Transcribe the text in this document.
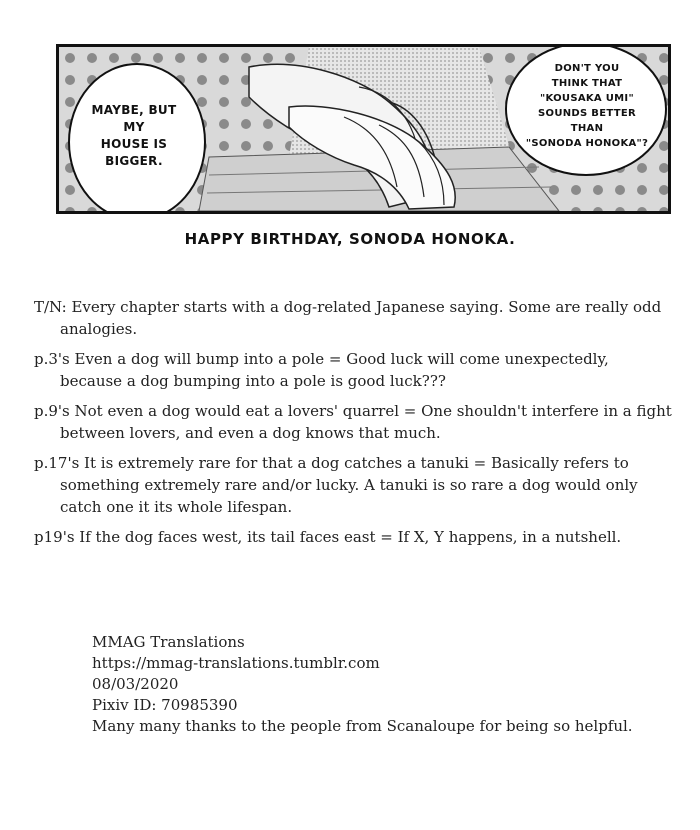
MAYBE, BUT MY
HOUSE IS
BIGGER.
DON'T YOU
THINK THAT
"KOUSAKA UMI"
SOUNDS BETTER
THAN
"SONODA HONOKA"?
HAPPY BIRTHDAY, SONODA HONOKA.

T/N: Every chapter starts with a dog-related Japanese saying. Some are really odd analogies.

p.3's Even a dog will bump into a pole = Good luck will come unexpectedly, because a dog bumping into a pole is good luck???

p.9's Not even a dog would eat a lovers' quarrel = One shouldn't interfere in a fight between lovers, and even a dog knows that much.

p.17's It is extremely rare for that a dog catches a tanuki = Basically refers to something extremely rare and/or lucky. A tanuki is so rare a dog would only catch one it its whole lifespan.

p19's If the dog faces west, its tail faces east = If X, Y happens, in a nutshell.

MMAG Translations
https://mmag-translations.tumblr.com
08/03/2020
Pixiv ID: 70985390
Many many thanks to the people from Scanaloupe for being so helpful.
